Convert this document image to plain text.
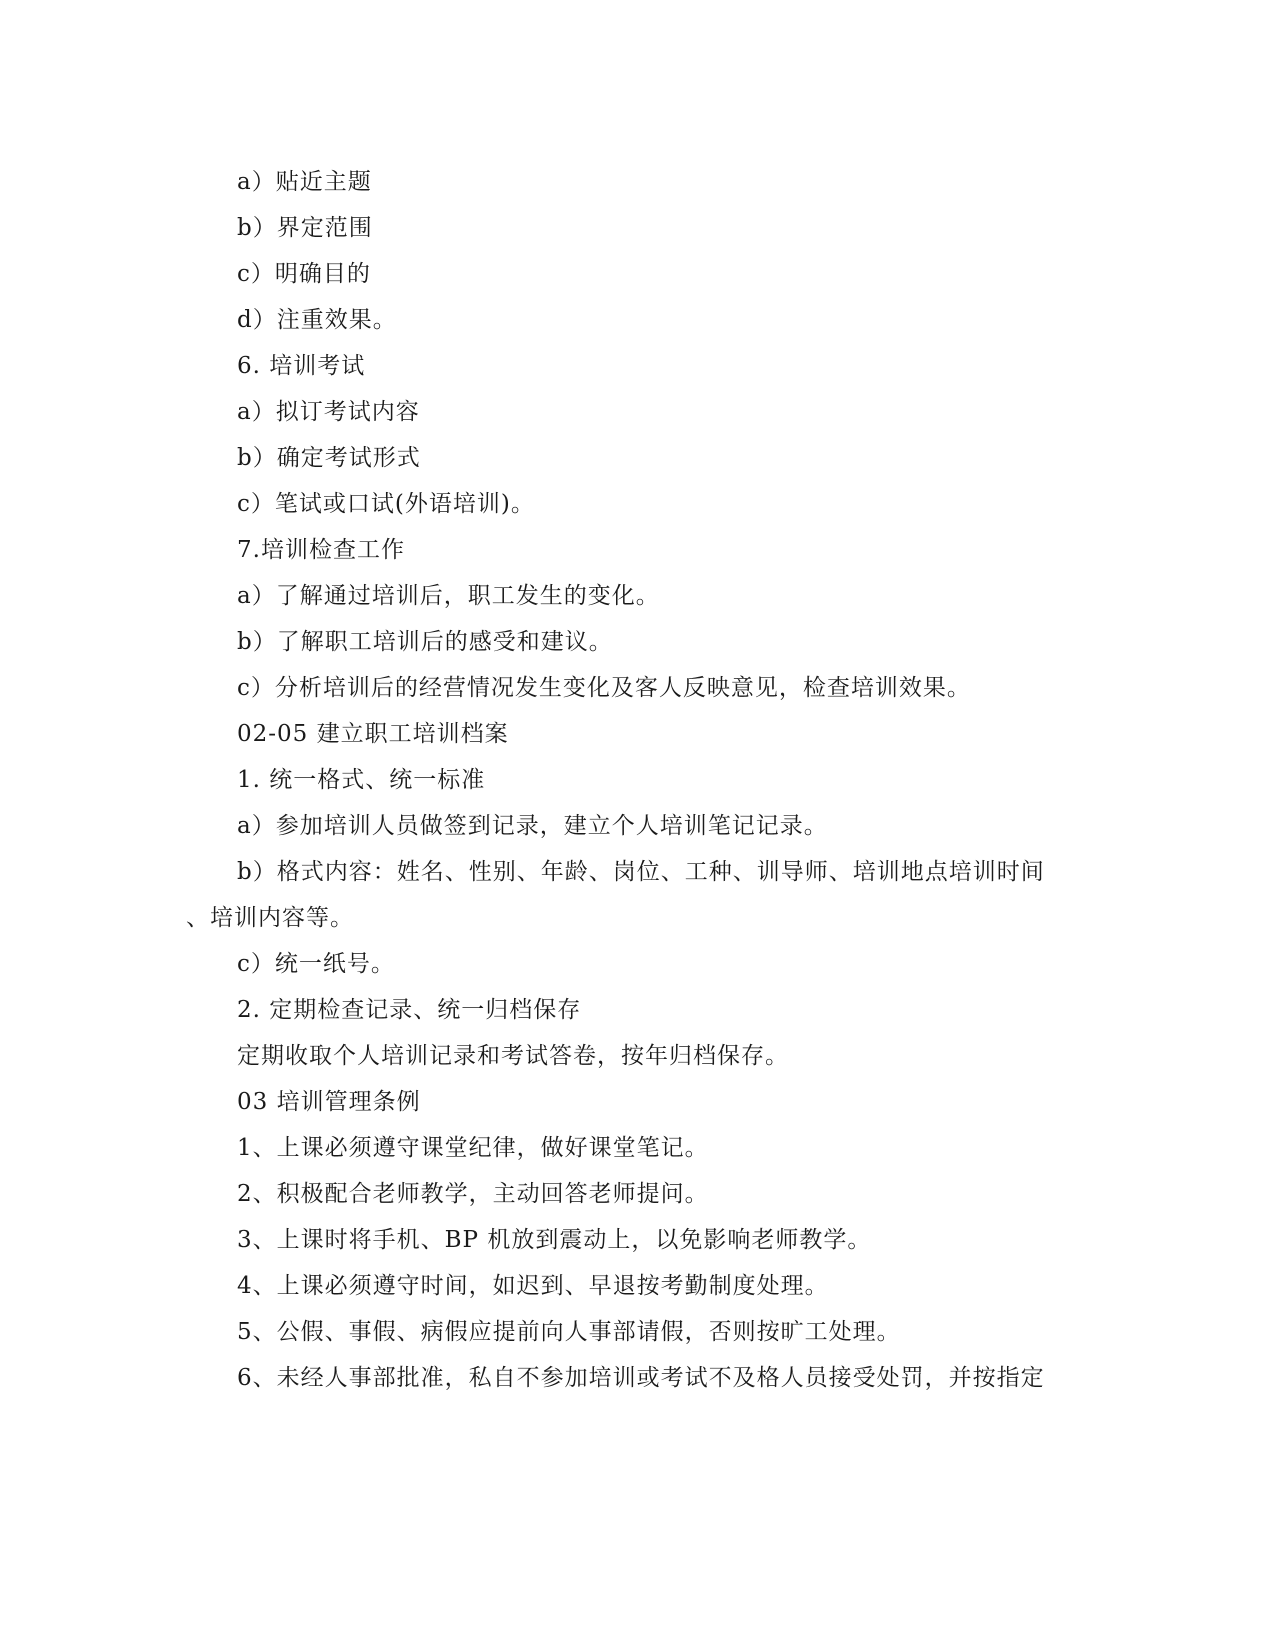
a）贴近主题
b）界定范围
c）明确目的
d）注重效果。
6. 培训考试
a）拟订考试内容
b）确定考试形式
c）笔试或口试(外语培训)。
7.培训检查工作
a）了解通过培训后，职工发生的变化。
b）了解职工培训后的感受和建议。
c）分析培训后的经营情况发生变化及客人反映意见，检查培训效果。
02-05 建立职工培训档案
1. 统一格式、统一标准
a）参加培训人员做签到记录，建立个人培训笔记记录。
b）格式内容：姓名、性别、年龄、岗位、工种、训导师、培训地点培训时间
、培训内容等。
c）统一纸号。
2. 定期检查记录、统一归档保存
定期收取个人培训记录和考试答卷，按年归档保存。
03 培训管理条例
1、上课必须遵守课堂纪律，做好课堂笔记。
2、积极配合老师教学，主动回答老师提问。
3、上课时将手机、BP 机放到震动上，以免影响老师教学。
4、上课必须遵守时间，如迟到、早退按考勤制度处理。
5、公假、事假、病假应提前向人事部请假，否则按旷工处理。
6、未经人事部批准，私自不参加培训或考试不及格人员接受处罚，并按指定
